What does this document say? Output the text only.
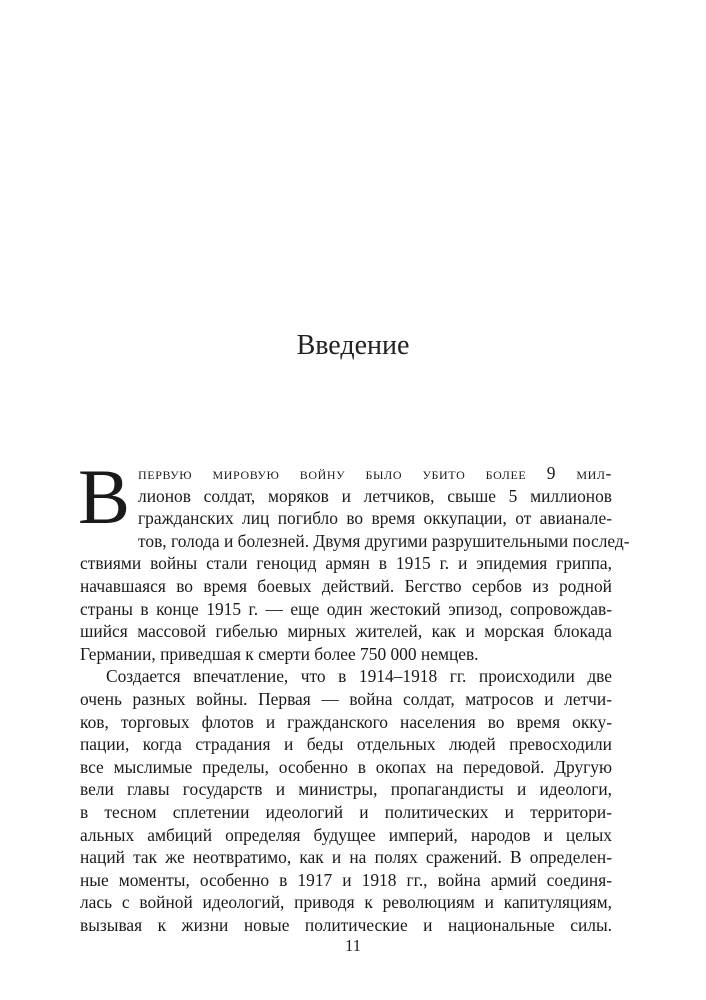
Введение
В первую мировую войну было убито более 9 мил-
лионов солдат, моряков и летчиков, свыше 5 миллионов
гражданских лиц погибло во время оккупации, от авианале-
тов, голода и болезней. Двумя другими разрушительными послед-
ствиями войны стали геноцид армян в 1915 г. и эпидемия гриппа,
начавшаяся во время боевых действий. Бегство сербов из родной
страны в конце 1915 г. — еще один жестокий эпизод, сопровождав-
шийся массовой гибелью мирных жителей, как и морская блокада
Германии, приведшая к смерти более 750 000 немцев.
Создается впечатление, что в 1914–1918 гг. происходили две
очень разных войны. Первая — война солдат, матросов и летчи-
ков, торговых флотов и гражданского населения во время окку-
пации, когда страдания и беды отдельных людей превосходили
все мыслимые пределы, особенно в окопах на передовой. Другую
вели главы государств и министры, пропагандисты и идеологи,
в тесном сплетении идеологий и политических и территори-
альных амбиций определяя будущее империй, народов и целых
наций так же неотвратимо, как и на полях сражений. В определен-
ные моменты, особенно в 1917 и 1918 гг., война армий соединя-
лась с войной идеологий, приводя к революциям и капитуляциям,
вызывая к жизни новые политические и национальные силы.
11
